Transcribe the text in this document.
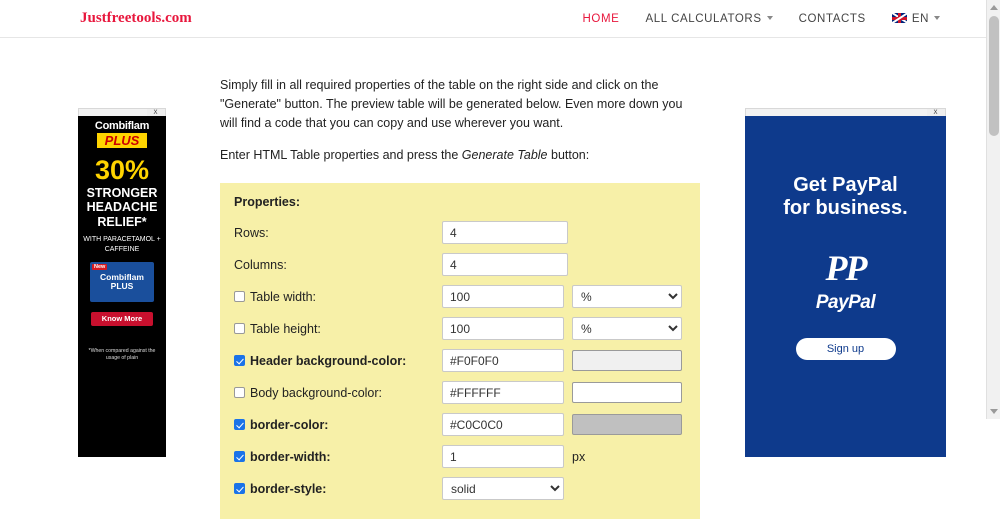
Justfreetools.com	HOME ALL CALCULATORS	CONTACTS	EN
X
Combiflam
PLUS
30%
STRONGER HEADACHE RELIEF*
WITH PARACETAMOL + CAFFEINE
New
Combiflam PLUS
Know More
*When compared against the usage of plain

Simply fill in all required properties of the table on the right side and click on the "Generate" button. The preview table will be generated below. Even more down you will find a code that you can copy and use wherever you want.

Enter HTML Table properties and press the Generate Table button:

Properties:
Rows:
4
Columns:
4
Table width:
100
%
Table height:
100
%
Header background-color:
#F0F0F0
Body background-color:
#FFFFFF
border-color:
#C0C0C0
border-width:
1	px
border-style:
solid
X
Get PayPal
for business.
PP
PayPal
Sign up
